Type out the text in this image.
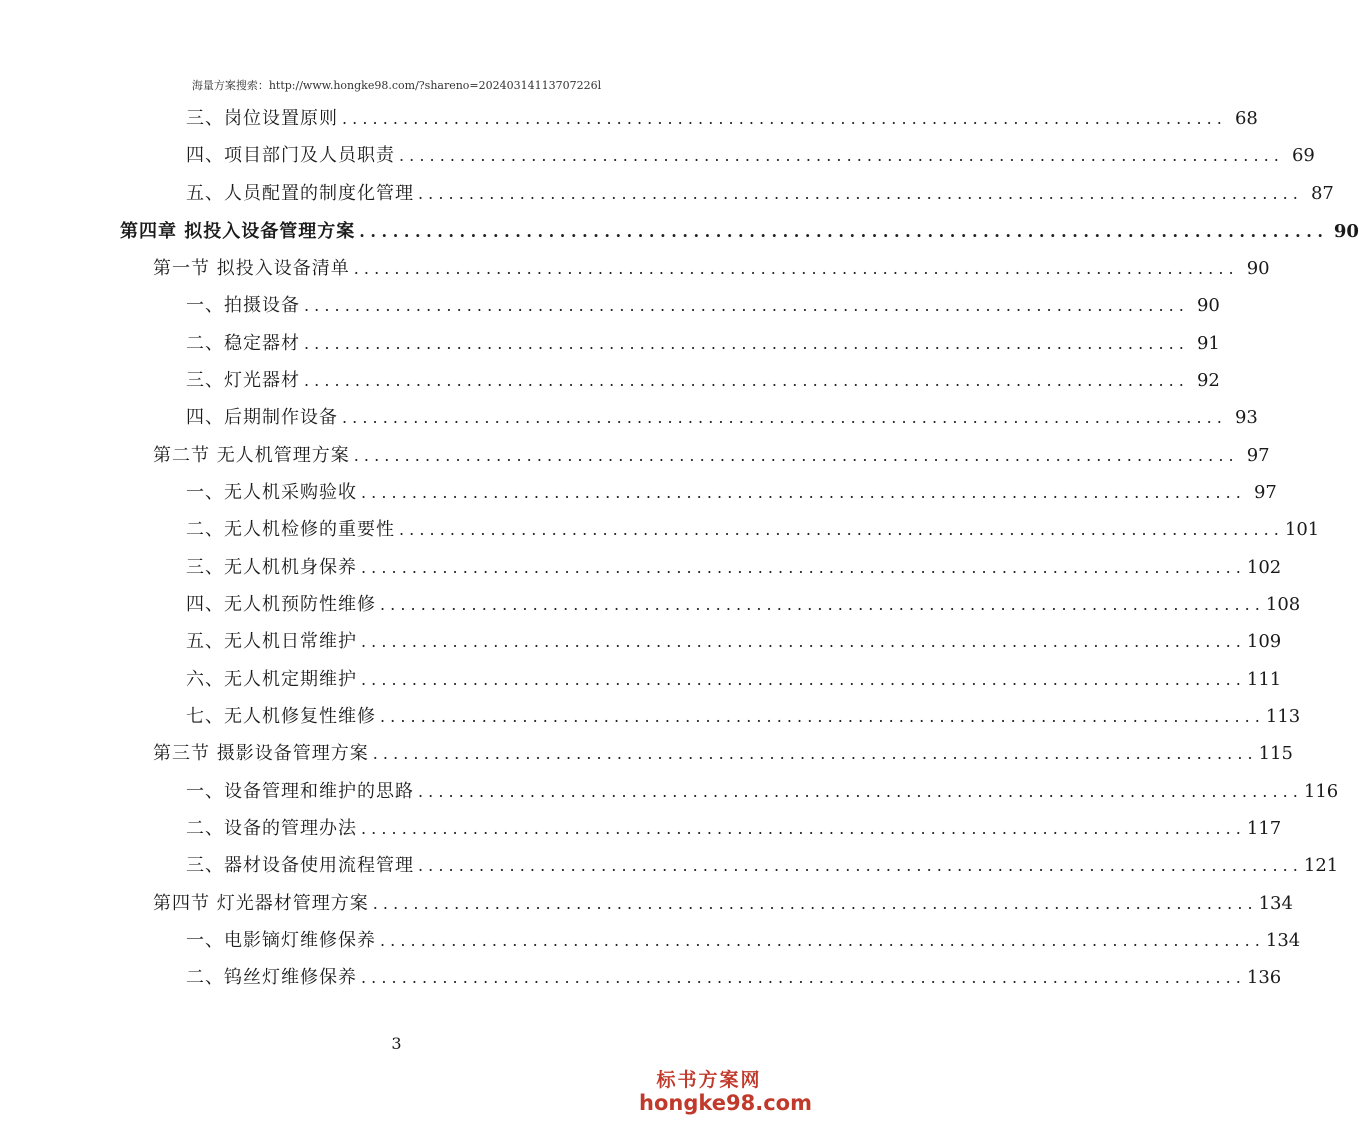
海量方案搜索：http://www.hongke98.com/?shareno=20240314113707226l
三、岗位设置原则 . . .	68
四、项目部门及人员职责 . . .	69
五、人员配置的制度化管理 . . .	87
第四章 拟投入设备管理方案 . . .	90
第一节 拟投入设备清单 . . .	90
一、拍摄设备 . . .	90
二、稳定器材 . . .	91
三、灯光器材 . . .	92
四、后期制作设备 . . .	93
第二节 无人机管理方案 . . .	97
一、无人机采购验收 . . .	97
二、无人机检修的重要性 . . .	101
三、无人机机身保养 . . .	102
四、无人机预防性维修 . . .	108
五、无人机日常维护 . . .	109
六、无人机定期维护 . . .	111
七、无人机修复性维修 . . .	113
第三节 摄影设备管理方案 . . .	115
一、设备管理和维护的思路 . . .	116
二、设备的管理办法 . . .	117
三、器材设备使用流程管理 . . .	121
第四节 灯光器材管理方案 . . .	134
一、电影镝灯维修保养 . . .	134
二、钨丝灯维修保养 . . .	136
3
标书方案网
hongke98.com
